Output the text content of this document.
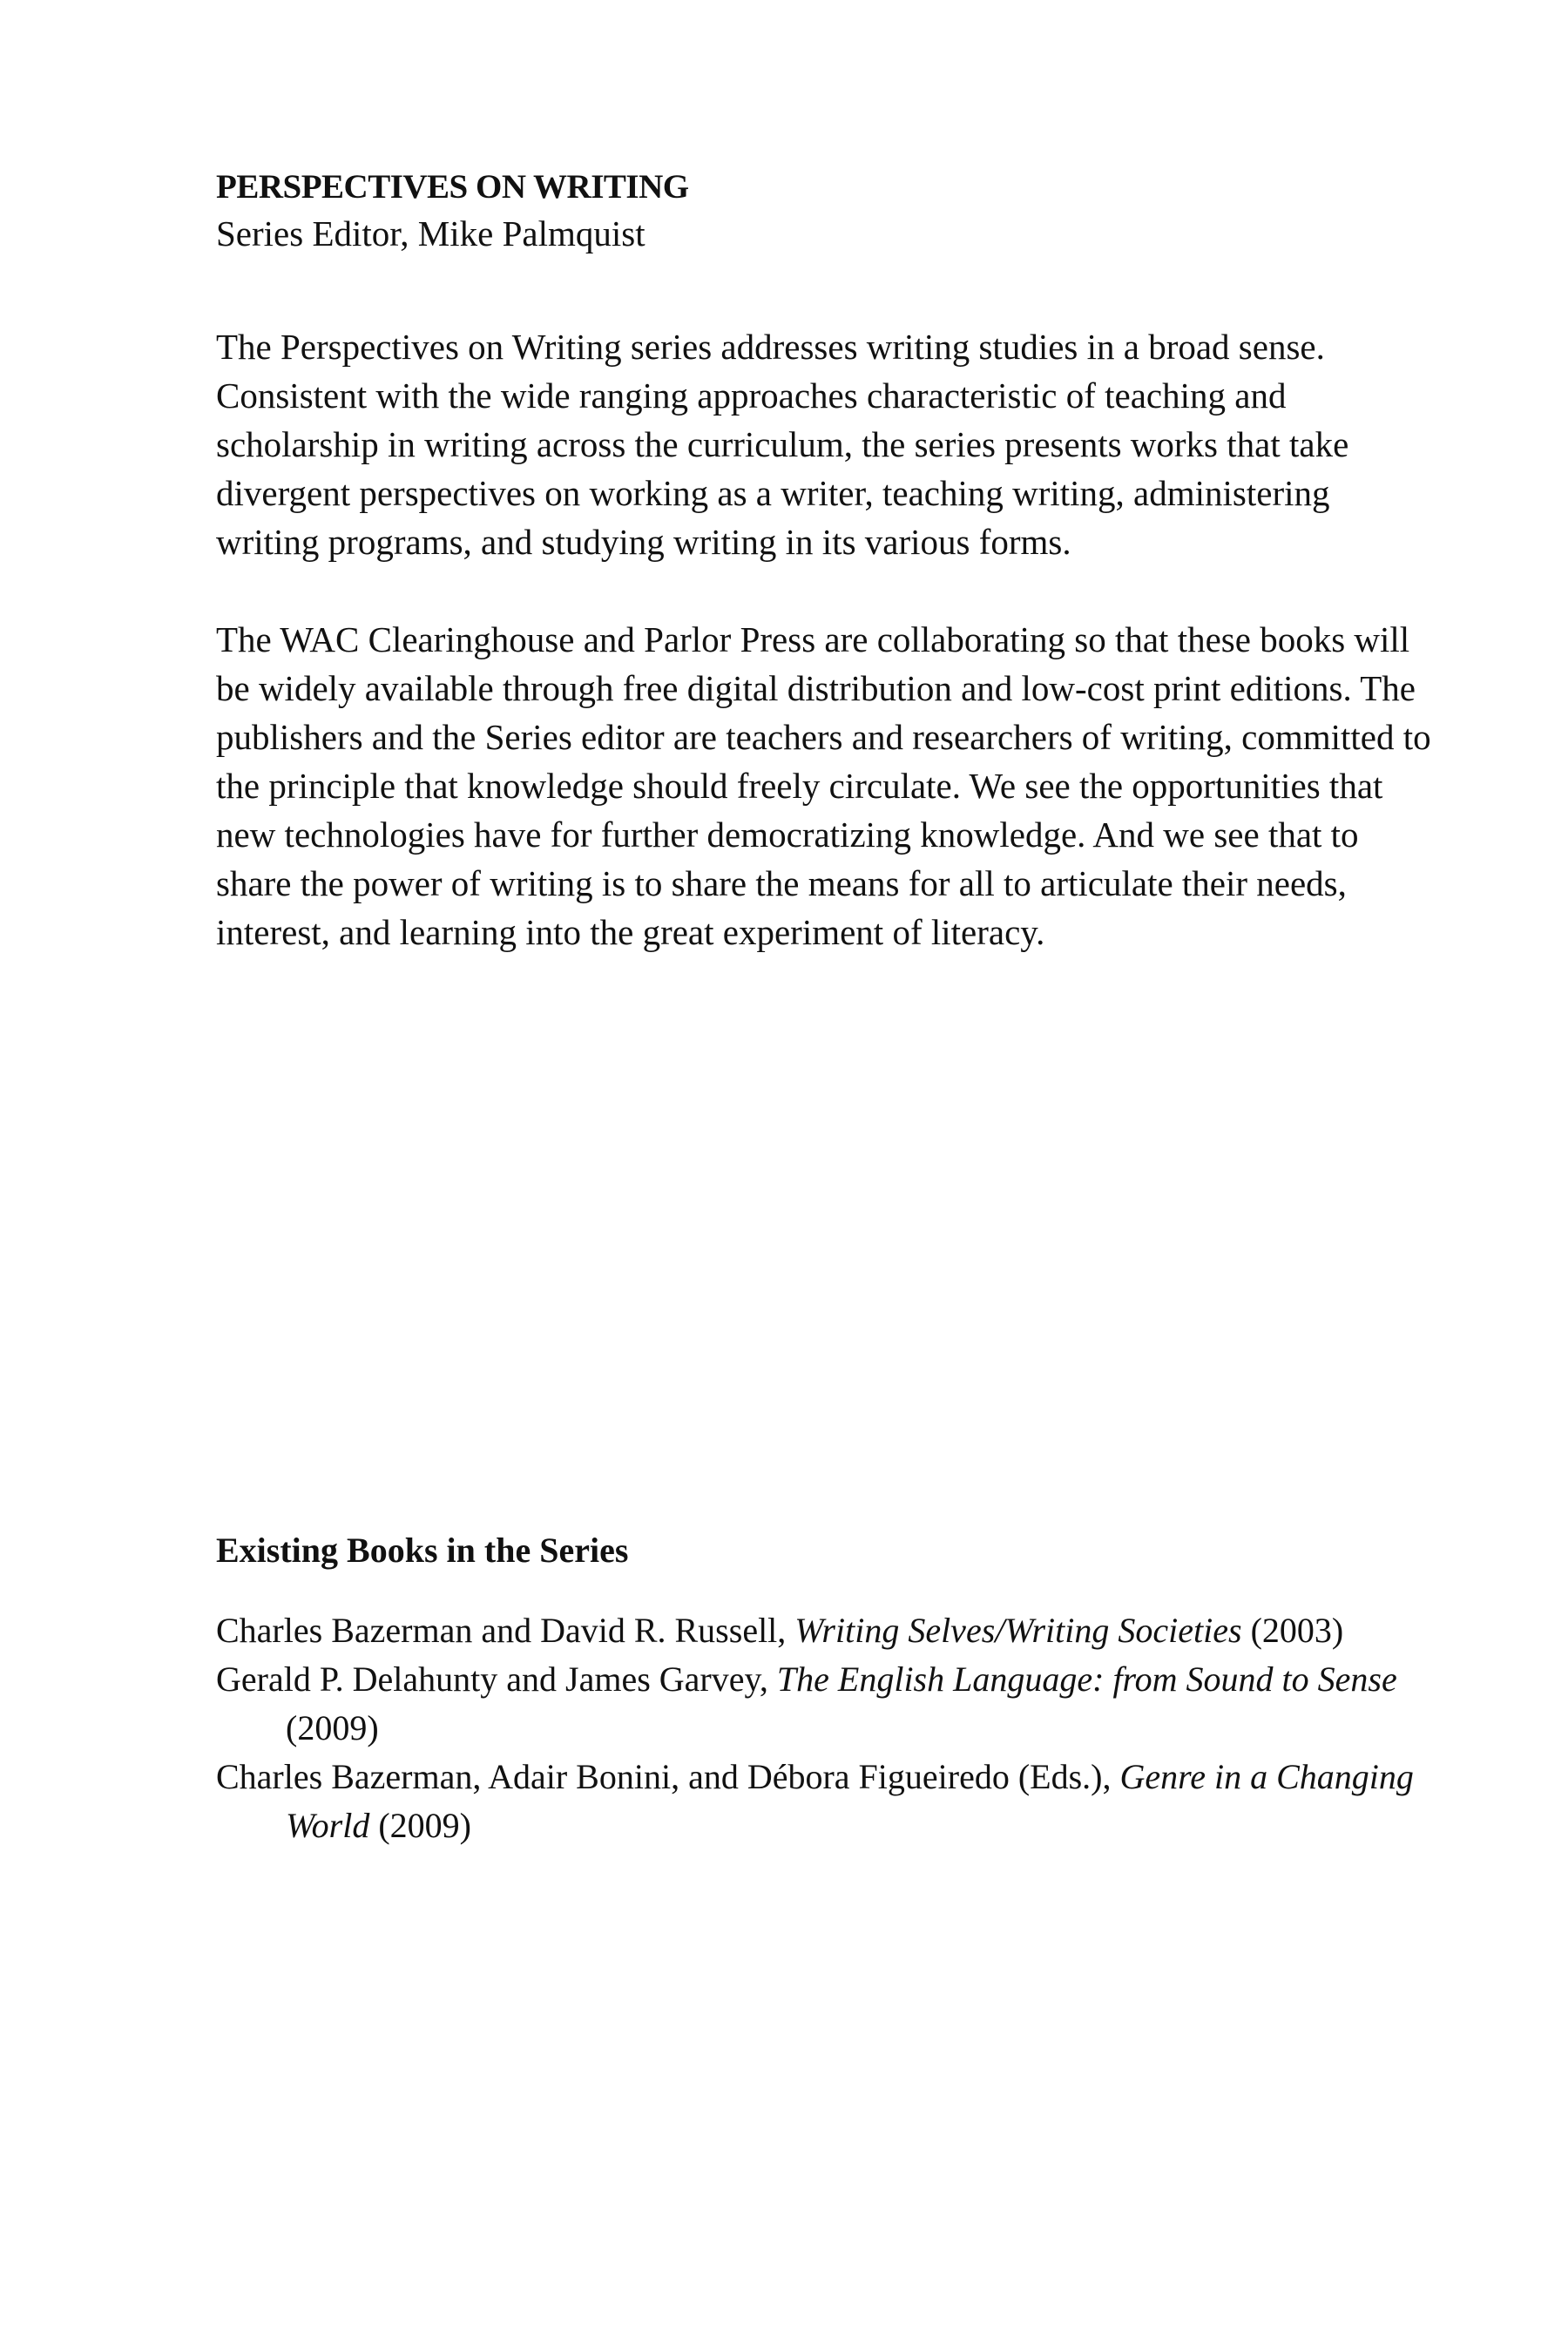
PERSPECTIVES ON WRITING

Series Editor, Mike Palmquist

The Perspectives on Writing series addresses writing studies in a broad sense. Consistent with the wide ranging approaches characteristic of teaching and scholarship in writing across the curriculum, the series presents works that take divergent perspectives on working as a writer, teaching writing, administering writing programs, and studying writing in its various forms.

The WAC Clearinghouse and Parlor Press are collaborating so that these books will be widely available through free digital distribution and low-cost print editions. The publishers and the Series editor are teachers and researchers of writing, committed to the principle that knowledge should freely circulate. We see the opportunities that new technologies have for further democratizing knowledge. And we see that to share the power of writing is to share the means for all to articulate their needs, interest, and learning into the great experiment of literacy.

Existing Books in the Series

Charles Bazerman and David R. Russell, Writing Selves/Writing Societies (2003)

Gerald P. Delahunty and James Garvey, The English Language: from Sound to Sense (2009)

Charles Bazerman, Adair Bonini, and Débora Figueiredo (Eds.), Genre in a Changing World (2009)
